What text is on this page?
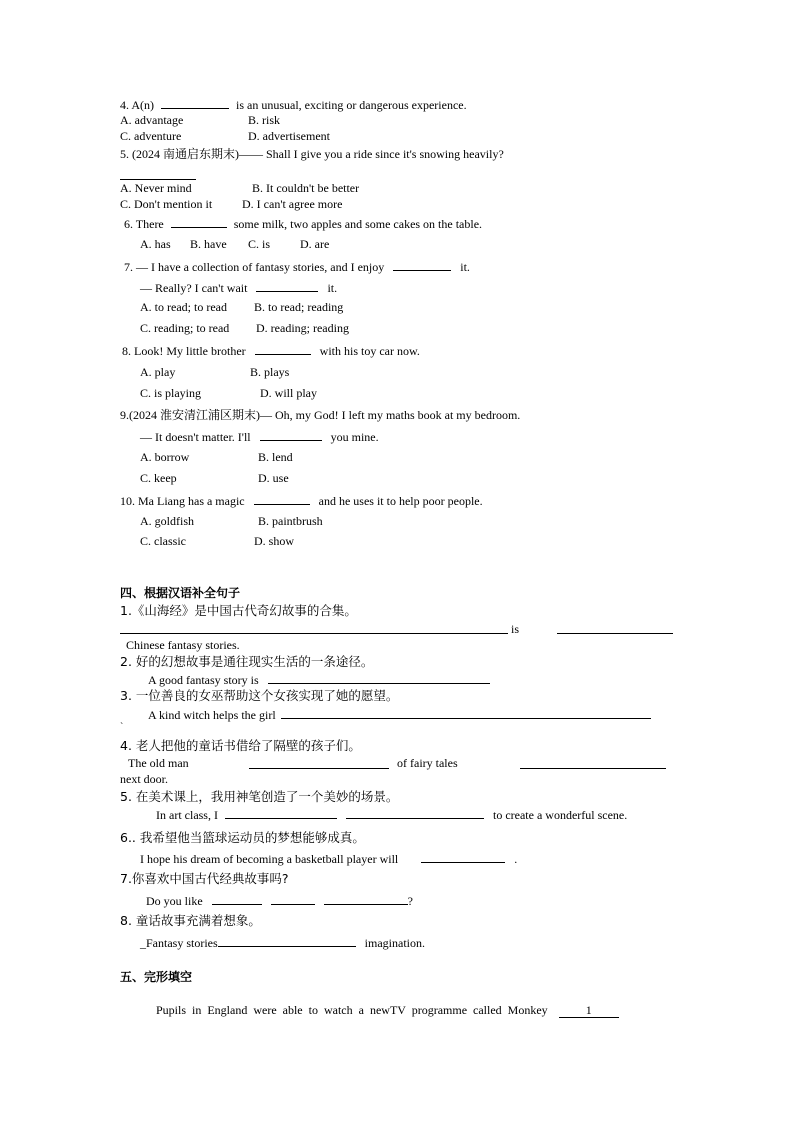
4. A(n)	is an unusual, exciting or dangerous experience.
A. advantage	B. risk
C. adventure	D. advertisement
5. (2024 南通启东期末)—— Shall I give you a ride since it's snowing heavily?
A. Never mind	B. It couldn't be better
C. Don't mention it D. I can't agree more
6. There	some milk, two apples and some cakes on the table.
A. has B. have C. is D. are
7. — I have a collection of fantasy stories, and I enjoy	it.
— Really? I can't wait	it.
A. to read; to read B. to read; reading
C. reading; to read D. reading; reading
8. Look! My little brother	with his toy car now.
A. play	B. plays
C. is playing	D. will play
9.(2024 淮安清江浦区期末)— Oh, my God! I left my maths book at my bedroom.
— It doesn't matter. I'll	you mine.
A. borrow	B. lend
C. keep	D. use
10. Ma Liang has a magic	and he uses it to help poor people.
A. goldfish	B. paintbrush
C. classic	D. show
四、根据汉语补全句子
1.《山海经》是中国古代奇幻故事的合集。
is
Chinese fantasy stories.
2. 好的幻想故事是通往现实生活的一条途径。
A good fantasy story is
3. 一位善良的女巫帮助这个女孩实现了她的愿望。
A kind witch helps the girl
`
4. 老人把他的童话书借给了隔壁的孩子们。
The old man	of fairy tales
next door.
5. 在美术课上，我用神笔创造了一个美妙的场景。
In art class, I	to create a wonderful scene.
6.. 我希望他当篮球运动员的梦想能够成真。
I hope his dream of becoming a basketball player will	.
7.你喜欢中国古代经典故事吗?
Do you like	?
8. 童话故事充满着想象。
_Fantasy stories	imagination.
五、完形填空
Pupils  in  England  were  able  to  watch  a  newTV  programme  called  Monkey	1
